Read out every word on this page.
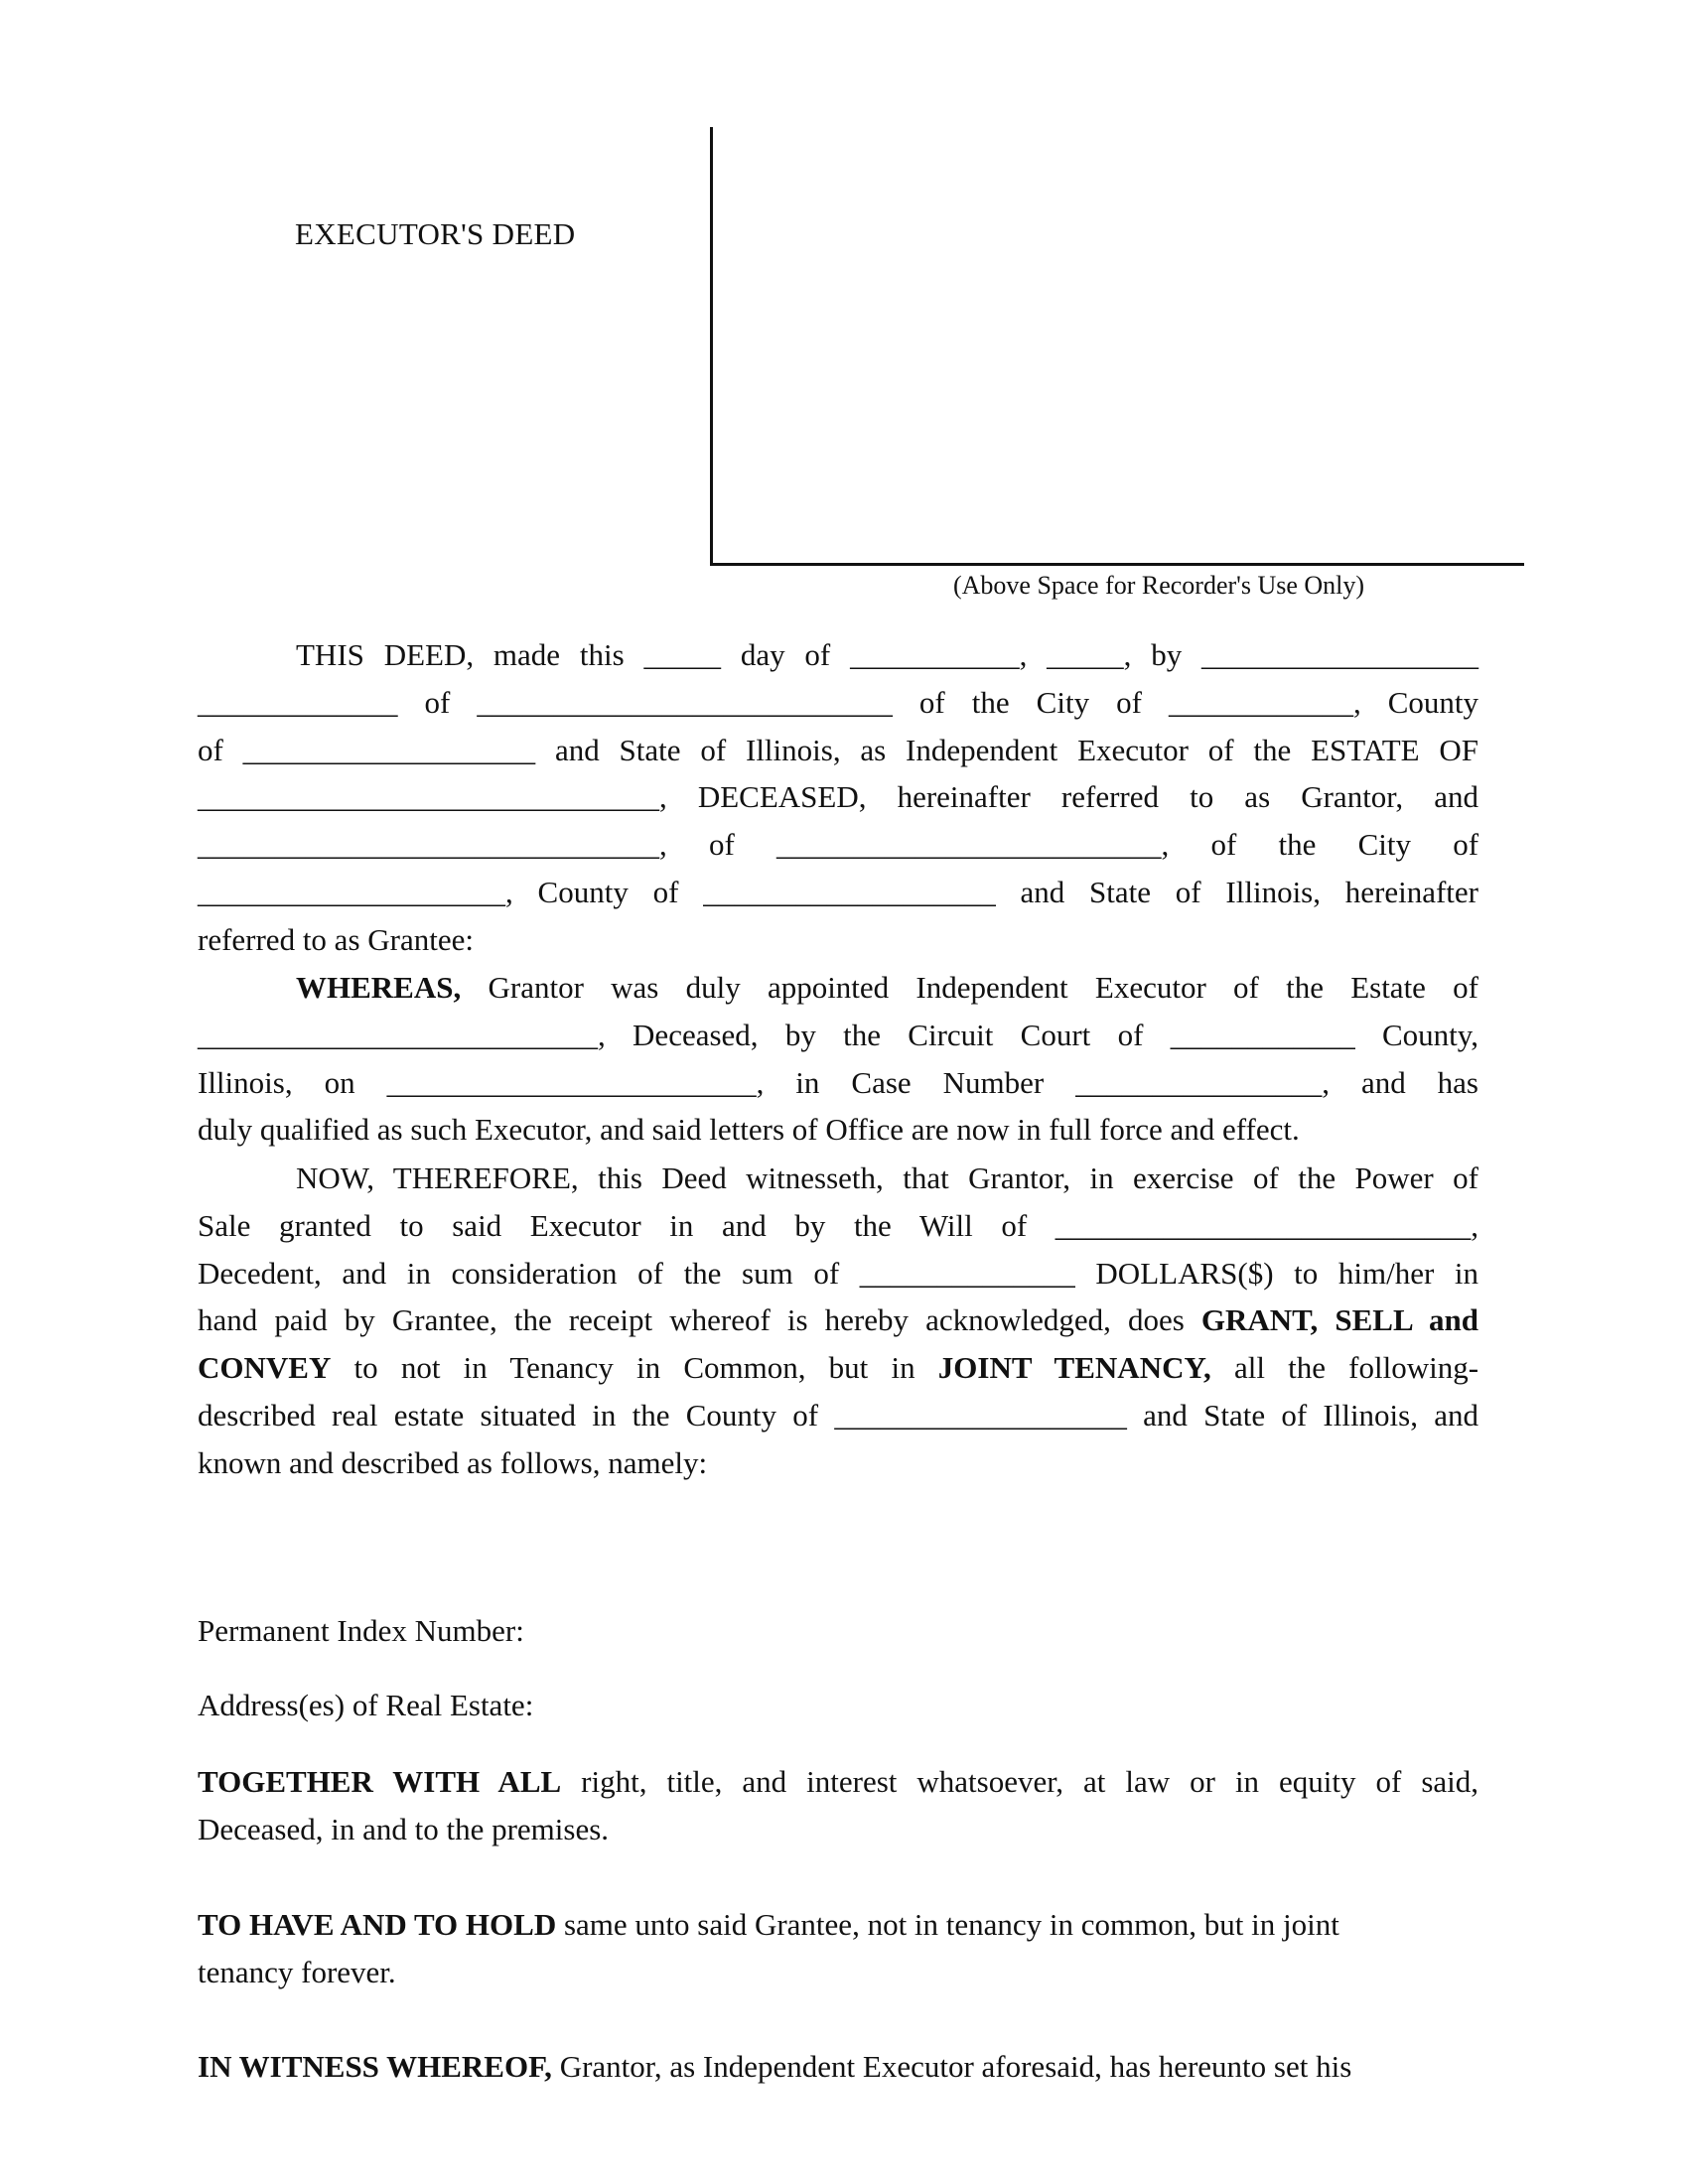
EXECUTOR'S DEED
(Above Space for Recorder's Use Only)
THIS DEED, made this _____ day of ___________, _____, by __________________
_____________ of ___________________________ of the City of ____________, County
of ___________________ and State of Illinois, as Independent Executor of the ESTATE OF
______________________________, DECEASED, hereinafter referred to as Grantor, and
______________________________, of _________________________, of the City of
____________________, County of ___________________ and State of Illinois, hereinafter
referred to as Grantee:
WHEREAS, Grantor was duly appointed Independent Executor of the Estate of
__________________________, Deceased, by the Circuit Court of ____________ County,
Illinois, on ________________________, in Case Number ________________, and has
duly qualified as such Executor, and said letters of Office are now in full force and effect.
NOW, THEREFORE, this Deed witnesseth, that Grantor, in exercise of the Power of
Sale granted to said Executor in and by the Will of ___________________________,
Decedent, and in consideration of the sum of ______________ DOLLARS($) to him/her in
hand paid by Grantee, the receipt whereof is hereby acknowledged, does GRANT, SELL and
CONVEY to not in Tenancy in Common, but in JOINT TENANCY, all the following-
described real estate situated in the County of ___________________ and State of Illinois, and
known and described as follows, namely:
Permanent Index Number:
Address(es) of Real Estate:
TOGETHER WITH ALL right, title, and interest whatsoever, at law or in equity of said,
Deceased, in and to the premises.
TO HAVE AND TO HOLD same unto said Grantee, not in tenancy in common, but in joint
tenancy forever.
IN WITNESS WHEREOF, Grantor, as Independent Executor aforesaid, has hereunto set his
